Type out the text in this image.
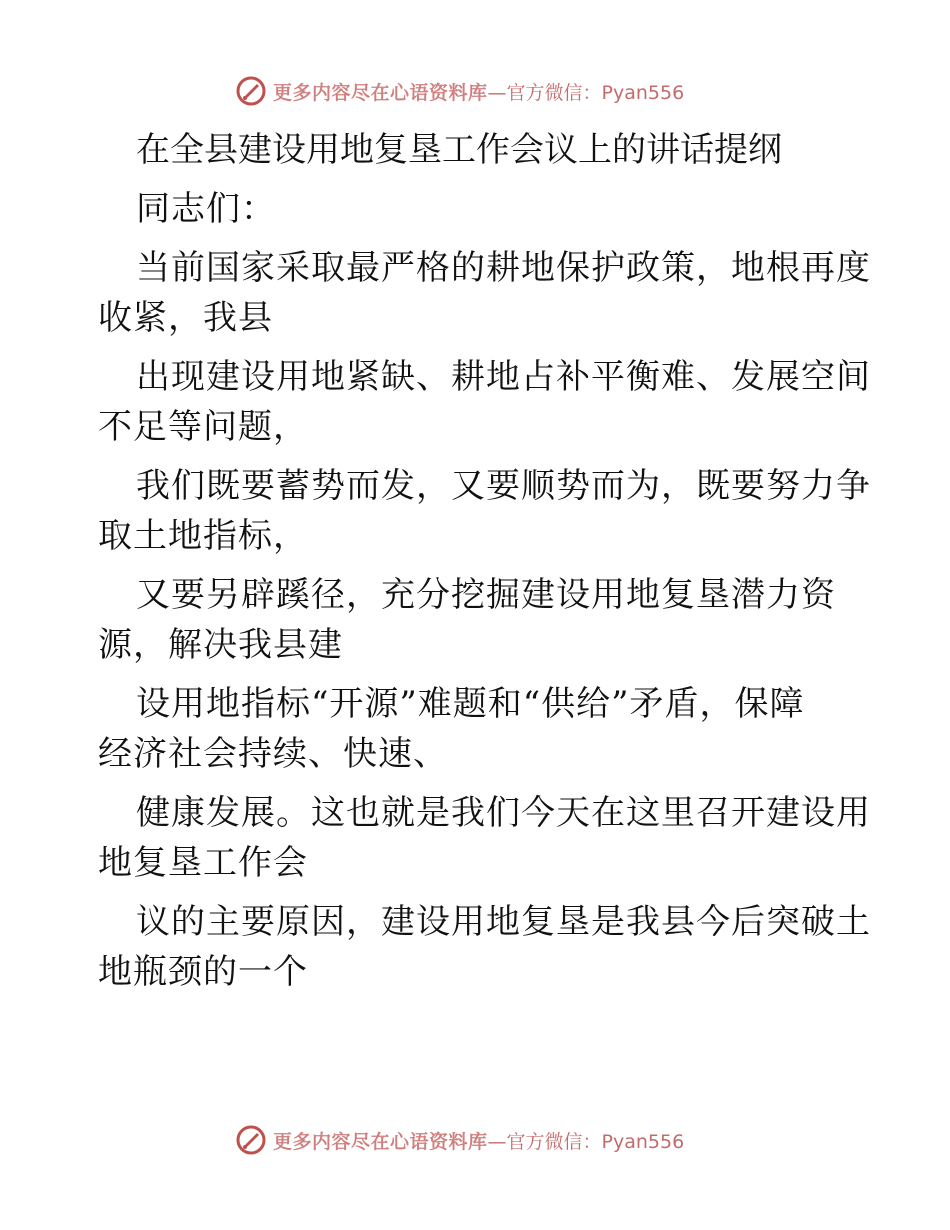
更多内容尽在心语资料库 —官方微信：Pyan556
在全县建设用地复垦工作会议上的讲话提纲
同志们：
当前国家采取最严格的耕地保护政策，地根再度
收紧，我县
出现建设用地紧缺、耕地占补平衡难、发展空间
不足等问题，
我们既要蓄势而发，又要顺势而为，既要努力争
取土地指标，
又要另辟蹊径，充分挖掘建设用地复垦潜力资
源，解决我县建
设用地指标“开源”难题和“供给”矛盾，保障
经济社会持续、快速、
健康发展。这也就是我们今天在这里召开建设用
地复垦工作会
议的主要原因，建设用地复垦是我县今后突破土
地瓶颈的一个
更多内容尽在心语资料库 —官方微信：Pyan556
